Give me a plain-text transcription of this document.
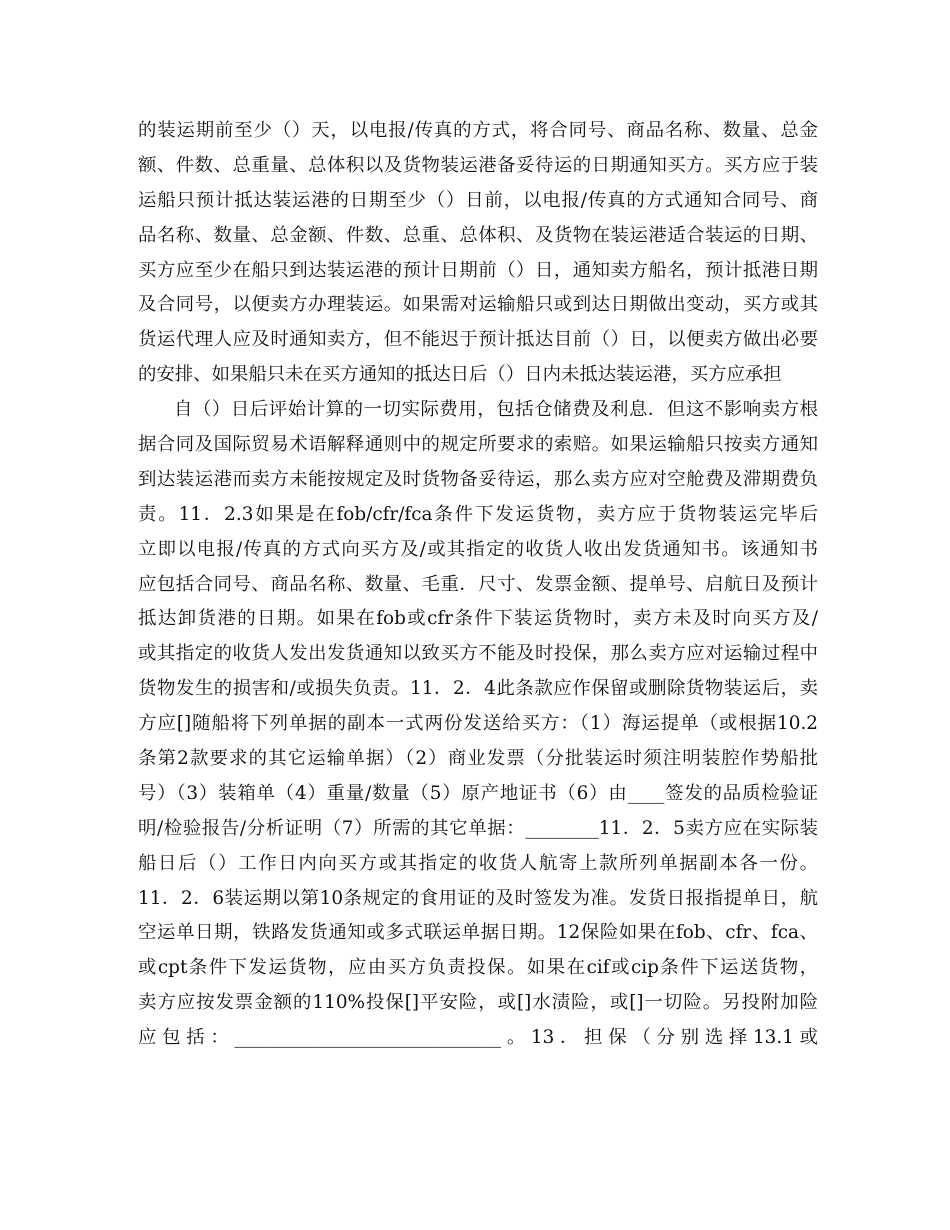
的装运期前至少（）天，以电报/传真的方式，将合同号、商品名称、数量、总金
额、件数、总重量、总体积以及货物装运港备妥待运的日期通知买方。买方应于装
运船只预计抵达装运港的日期至少（）日前，以电报/传真的方式通知合同号、商
品名称、数量、总金额、件数、总重、总体积、及货物在装运港适合装运的日期、
买方应至少在船只到达装运港的预计日期前（）日，通知卖方船名，预计抵港日期
及合同号，以便卖方办理装运。如果需对运输船只或到达日期做出变动，买方或其
货运代理人应及时通知卖方，但不能迟于预计抵达目前（）日，以便卖方做出必要
的安排、如果船只未在买方通知的抵达日后（）日内未抵达装运港，买方应承担
自（）日后评始计算的一切实际费用，包括仓储费及利息．但这不影响卖方根
据合同及国际贸易术语解释通则中的规定所要求的索赔。如果运输船只按卖方通知
到达装运港而卖方未能按规定及时货物备妥待运，那么卖方应对空舱费及滞期费负
责。11．2.3如果是在fob/cfr/fca条件下发运货物，卖方应于货物装运完毕后
立即以电报/传真的方式向买方及/或其指定的收货人收出发货通知书。该通知书
应包括合同号、商品名称、数量、毛重．尺寸、发票金额、提单号、启航日及预计
抵达卸货港的日期。如果在fob或cfr条件下装运货物时，卖方未及时向买方及/
或其指定的收货人发出发货通知以致买方不能及时投保，那么卖方应对运输过程中
货物发生的损害和/或损失负责。11．2．4此条款应作保留或删除货物装运后，卖
方应[]随船将下列单据的副本一式两份发送给买方：（1）海运提单（或根据10.2
条第2款要求的其它运输单据）（2）商业发票（分批装运时须注明装腔作势船批
号）（3）装箱单（4）重量/数量（5）原产地证书（6）由____签发的品质检验证
明/检验报告/分析证明（7）所需的其它单据：________11．2．5卖方应在实际装
船日后（）工作日内向买方或其指定的收货人航寄上款所列单据副本各一份。
11．2．6装运期以第10条规定的食用证的及时签发为准。发货日报指提单日，航
空运单日期，铁路发货通知或多式联运单据日期。12保险如果在fob、cfr、fca、
或cpt条件下发运货物，应由买方负责投保。如果在cif或cip条件下运送货物，
卖方应按发票金额的110%投保[]平安险，或[]水渍险，或[]一切险。另投附加险
应包括：_____________________________。13．担保（分别选择13.1或
